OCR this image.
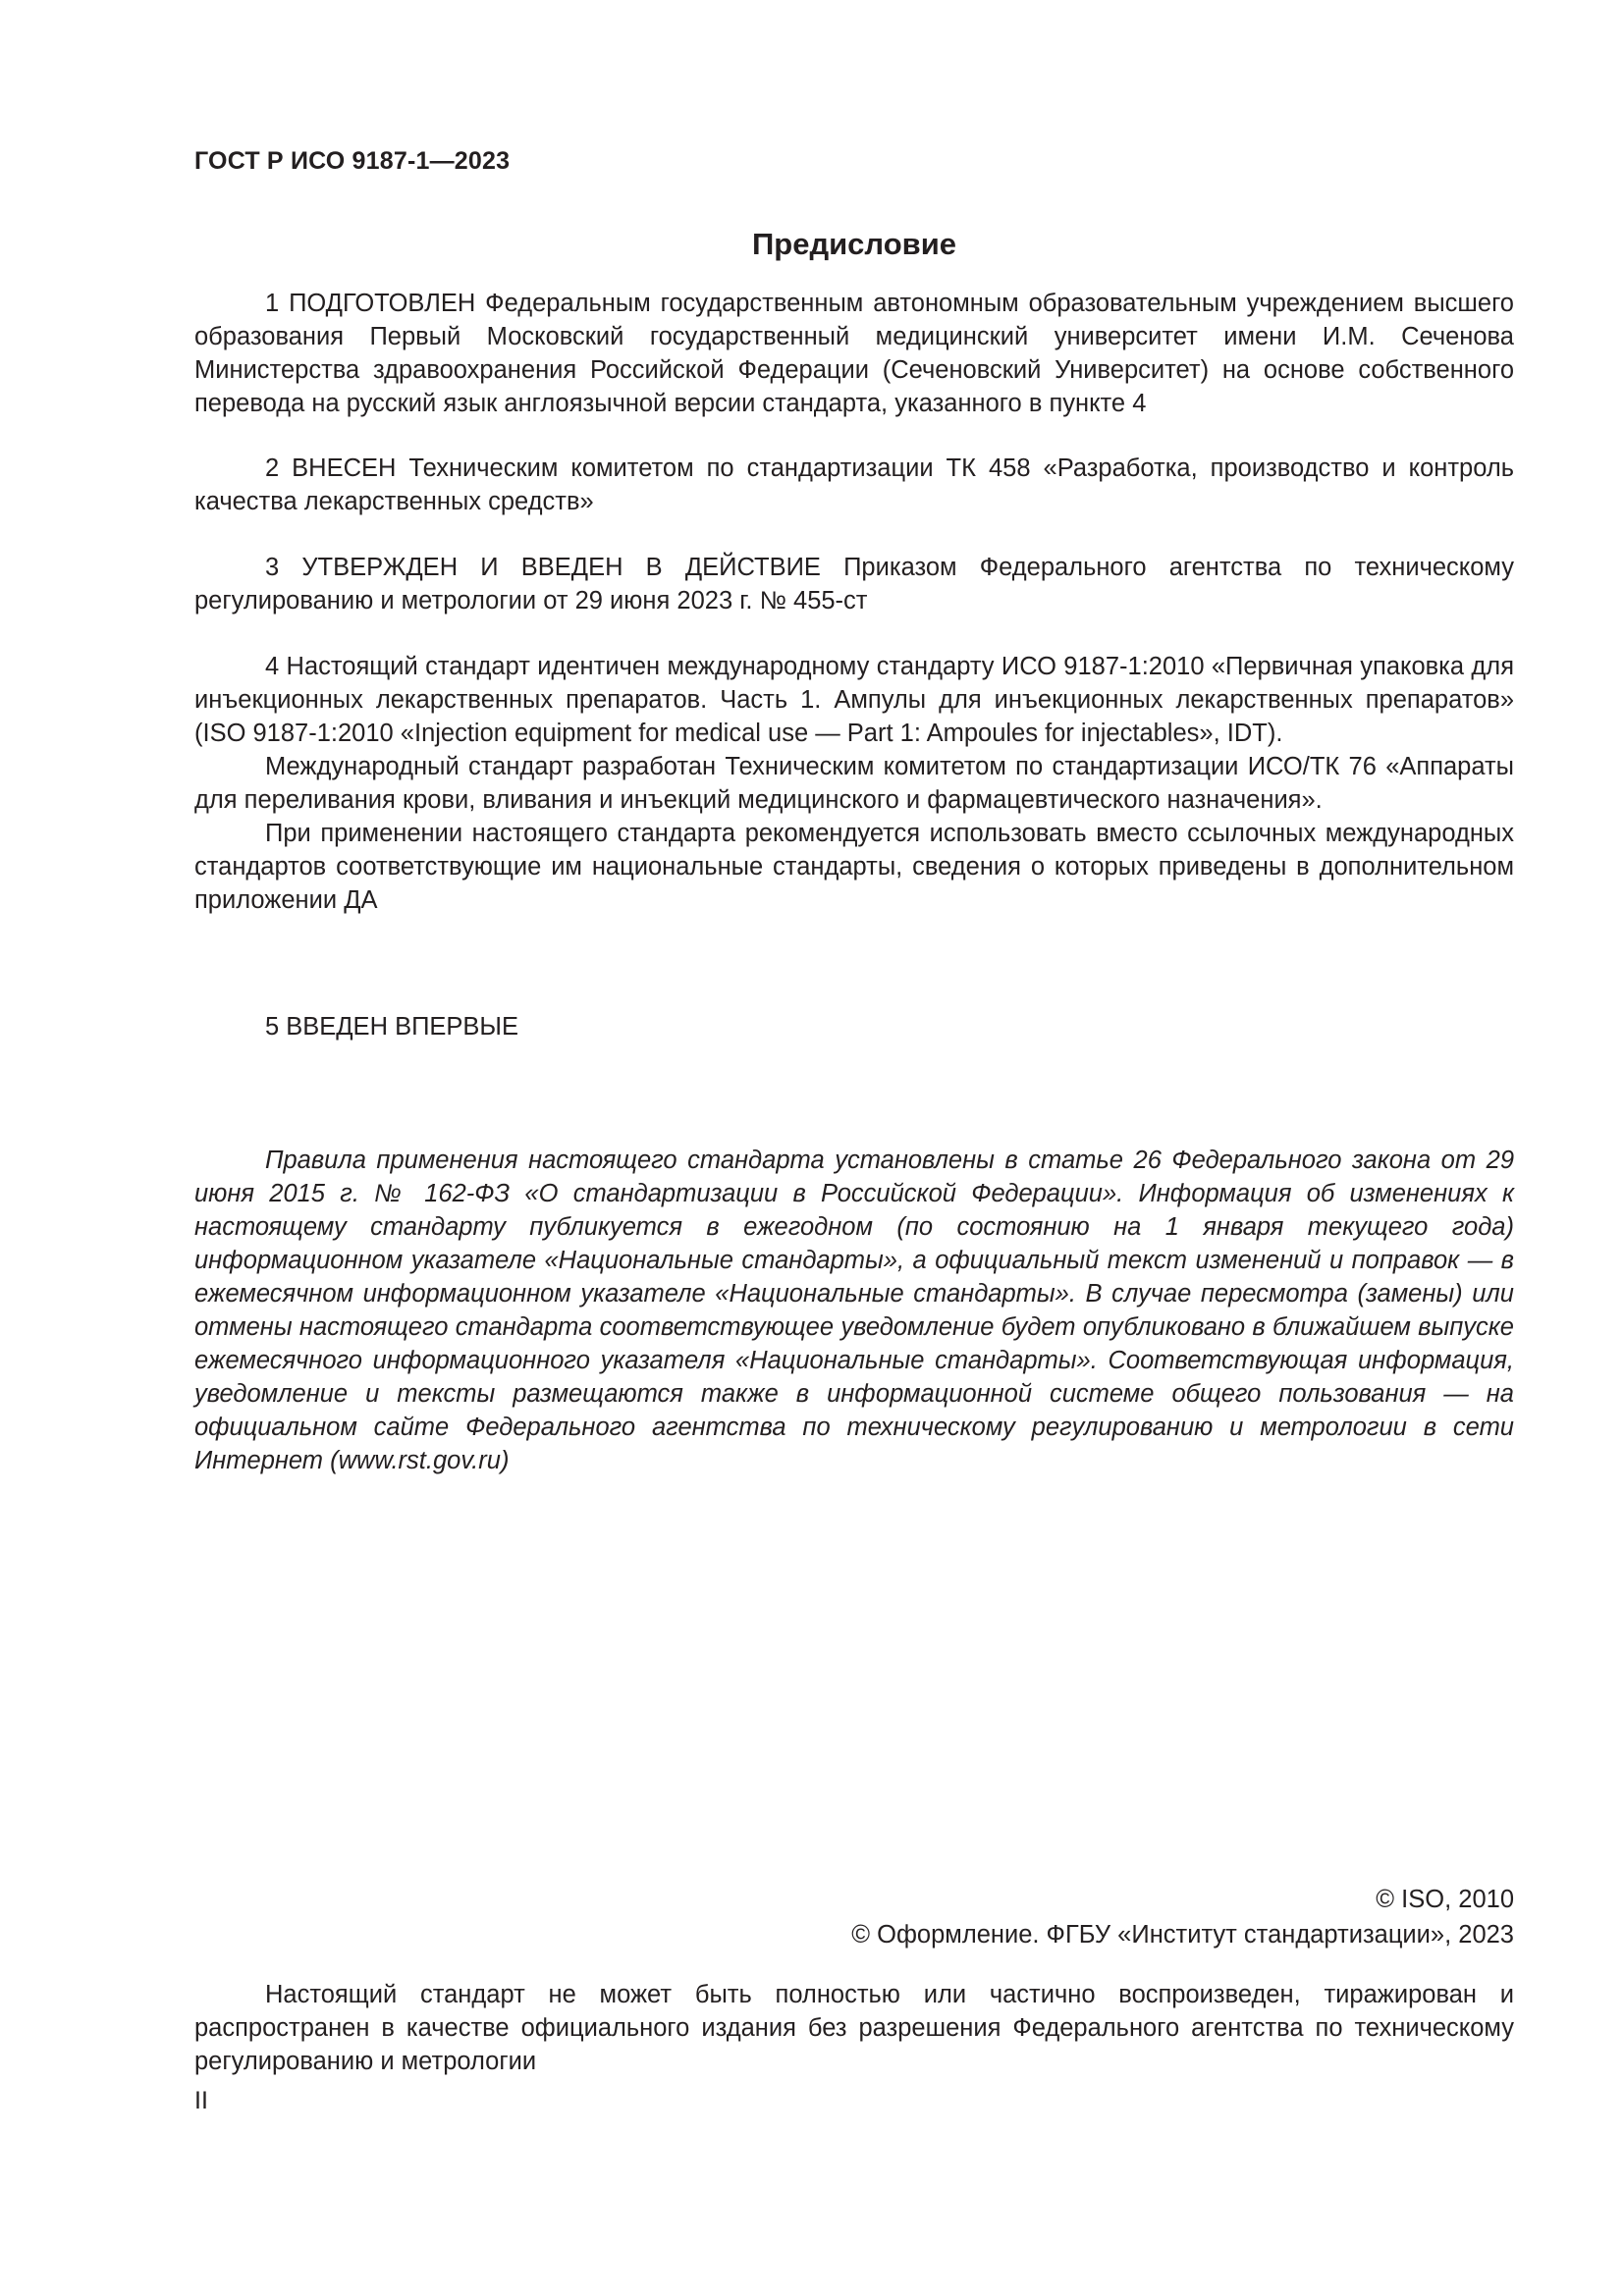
ГОСТ Р ИСО 9187-1—2023
Предисловие

1 ПОДГОТОВЛЕН Федеральным государственным автономным образовательным учреждением высшего образования Первый Московский государственный медицинский университет имени И.М. Сеченова Министерства здравоохранения Российской Федерации (Сеченовский Университет) на основе собственного перевода на русский язык англоязычной версии стандарта, указанного в пункте 4

2 ВНЕСЕН Техническим комитетом по стандартизации ТК 458 «Разработка, производство и контроль качества лекарственных средств»

3 УТВЕРЖДЕН И ВВЕДЕН В ДЕЙСТВИЕ Приказом Федерального агентства по техническому регулированию и метрологии от 29 июня 2023 г. № 455-ст

4 Настоящий стандарт идентичен международному стандарту ИСО 9187-1:2010 «Первичная упаковка для инъекционных лекарственных препаратов. Часть 1. Ампулы для инъекционных лекарственных препаратов» (ISO 9187-1:2010 «Injection equipment for medical use — Part 1: Ampoules for injectables», IDT).

Международный стандарт разработан Техническим комитетом по стандартизации ИСО/ТК 76 «Аппараты для переливания крови, вливания и инъекций медицинского и фармацевтического назначения».

При применении настоящего стандарта рекомендуется использовать вместо ссылочных международных стандартов соответствующие им национальные стандарты, сведения о которых приведены в дополнительном приложении ДА

5 ВВЕДЕН ВПЕРВЫЕ

Правила применения настоящего стандарта установлены в статье 26 Федерального закона от 29 июня 2015 г. № 162-ФЗ «О стандартизации в Российской Федерации». Информация об изменениях к настоящему стандарту публикуется в ежегодном (по состоянию на 1 января текущего года) информационном указателе «Национальные стандарты», а официальный текст изменений и поправок — в ежемесячном информационном указателе «Национальные стандарты». В случае пересмотра (замены) или отмены настоящего стандарта соответствующее уведомление будет опубликовано в ближайшем выпуске ежемесячного информационного указателя «Национальные стандарты». Соответствующая информация, уведомление и тексты размещаются также в информационной системе общего пользования — на официальном сайте Федерального агентства по техническому регулированию и метрологии в сети Интернет (www.rst.gov.ru)

© ISO, 2010
© Оформление. ФГБУ «Институт стандартизации», 2023

Настоящий стандарт не может быть полностью или частично воспроизведен, тиражирован и распространен в качестве официального издания без разрешения Федерального агентства по техническому регулированию и метрологии

II
